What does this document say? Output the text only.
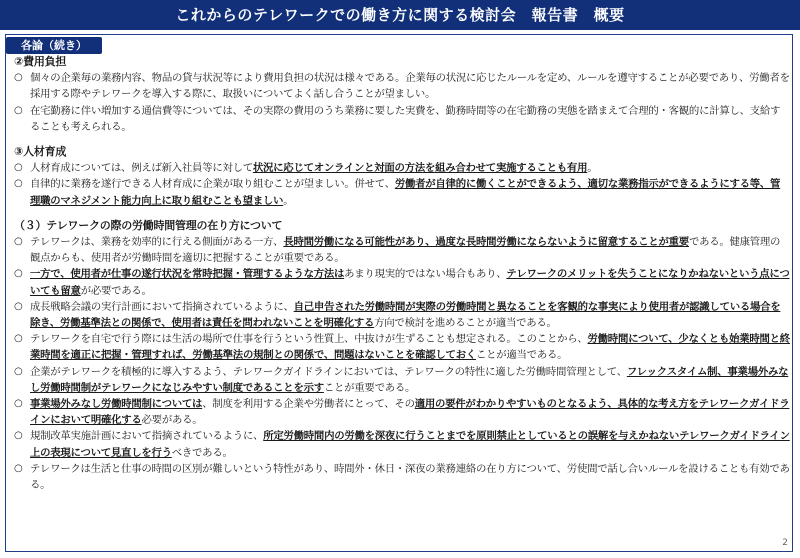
これからのテレワークでの働き方に関する検討会　報告書　概要
各論（続き）
②費用負担
○ 個々の企業毎の業務内容、物品の貸与状況等により費用負担の状況は様々である。企業毎の状況に応じたルールを定め、ルールを遵守することが必要であり、労働者を採用する際やテレワークを導入する際に、取扱いについてよく話し合うことが望ましい。
○ 在宅勤務に伴い増加する通信費等については、その実際の費用のうち業務に要した実費を、勤務時間等の在宅勤務の実態を踏まえて合理的・客観的に計算し、支給することも考えられる。
③人材育成
○ 人材育成については、例えば新入社員等に対して状況に応じてオンラインと対面の方法を組み合わせて実施することも有用。
○ 自律的に業務を遂行できる人材育成に企業が取り組むことが望ましい。併せて、労働者が自律的に働くことができるよう、適切な業務指示ができるようにする等、管理職のマネジメント能力向上に取り組むことも望ましい。
（３）テレワークの際の労働時間管理の在り方について
○ テレワークは、業務を効率的に行える側面がある一方、長時間労働になる可能性があり、過度な長時間労働にならないように留意することが重要である。健康管理の観点からも、使用者が労働時間を適切に把握することが重要である。
○ 一方で、使用者が仕事の遂行状況を常時把握・管理するような方法はあまり現実的ではない場合もあり、テレワークのメリットを失うことになりかねないという点についても留意が必要である。
○ 成長戦略会議の実行計画において指摘されているように、自己申告された労働時間が実際の労働時間と異なることを客観的な事実により使用者が認識している場合を除き、労働基準法との関係で、使用者は責任を問われないことを明確化する方向で検討を進めることが適当である。
○ テレワークを自宅で行う際には生活の場所で仕事を行うという性質上、中抜けが生ずることも想定される。このことから、労働時間について、少なくとも始業時間と終業時間を適正に把握・管理すれば、労働基準法の規制との関係で、問題はないことを確認しておくことが適当である。
○ 企業がテレワークを積極的に導入するよう、テレワークガイドラインにおいては、テレワークの特性に適した労働時間管理として、フレックスタイム制、事業場外みなし労働時間制がテレワークになじみやすい制度であることを示すことが重要である。
○ 事業場外みなし労働時間制については、制度を利用する企業や労働者にとって、その適用の要件がわかりやすいものとなるよう、具体的な考え方をテレワークガイドラインにおいて明確化する必要がある。
○ 規制改革実施計画において指摘されているように、所定労働時間内の労働を深夜に行うことまでを原則禁止としているとの誤解を与えかねないテレワークガイドライン上の表現について見直しを行うべきである。
○ テレワークは生活と仕事の時間の区別が難しいという特性があり、時間外・休日・深夜の業務連絡の在り方について、労使間で話し合いルールを設けることも有効である。
2
